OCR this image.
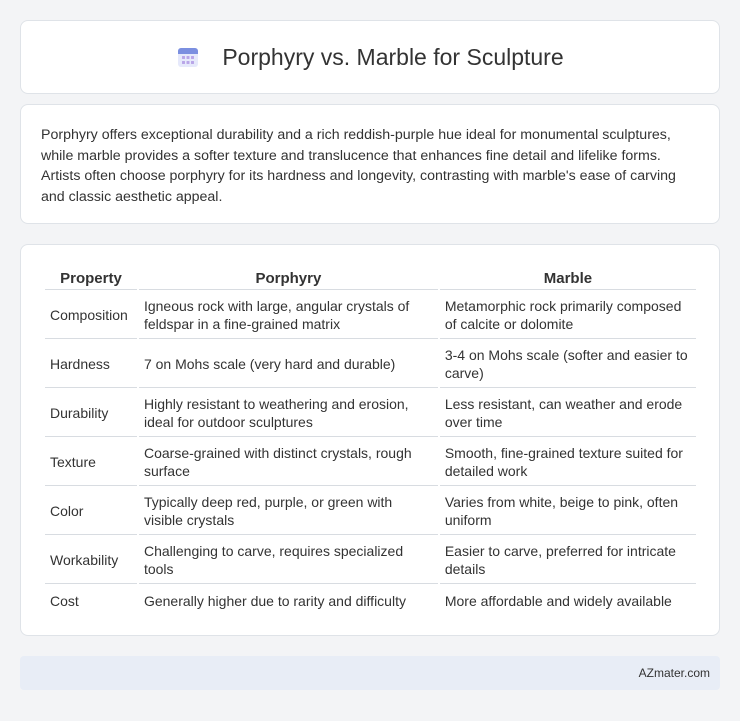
Porphyry vs. Marble for Sculpture

Porphyry offers exceptional durability and a rich reddish-purple hue ideal for monumental sculptures, while marble provides a softer texture and translucence that enhances fine detail and lifelike forms. Artists often choose porphyry for its hardness and longevity, contrasting with marble's ease of carving and classic aesthetic appeal.

Property	Porphyry	Marble
Composition	Igneous rock with large, angular crystals of feldspar in a fine-grained matrix	Metamorphic rock primarily composed of calcite or dolomite
Hardness	7 on Mohs scale (very hard and durable)	3-4 on Mohs scale (softer and easier to carve)
Durability	Highly resistant to weathering and erosion, ideal for outdoor sculptures	Less resistant, can weather and erode over time
Texture	Coarse-grained with distinct crystals, rough surface	Smooth, fine-grained texture suited for detailed work
Color	Typically deep red, purple, or green with visible crystals	Varies from white, beige to pink, often uniform
Workability	Challenging to carve, requires specialized tools	Easier to carve, preferred for intricate details
Cost	Generally higher due to rarity and difficulty	More affordable and widely available
AZmater.com
